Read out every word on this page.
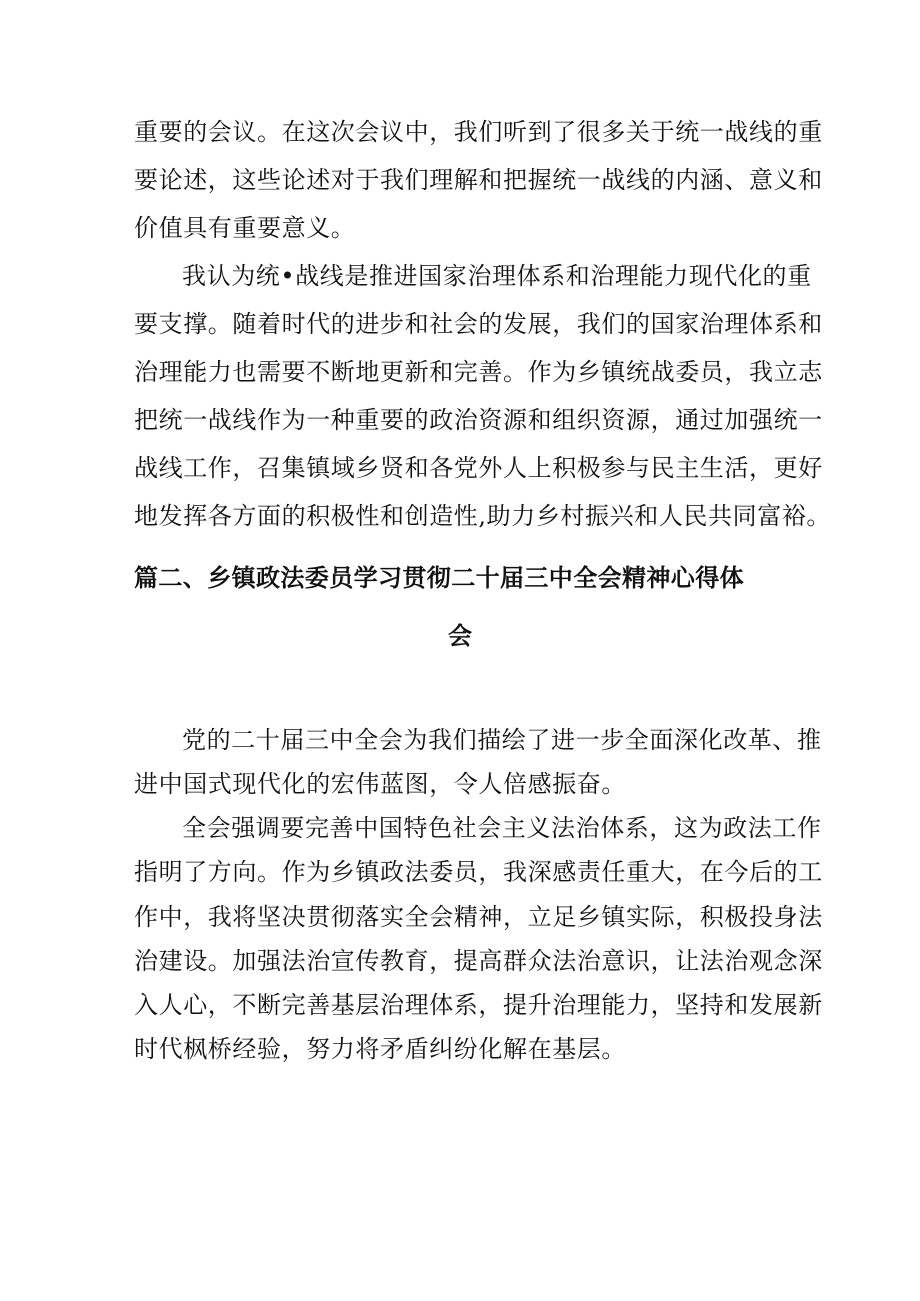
重要的会议。在这次会议中，我们听到了很多关于统一战线的重
要论述，这些论述对于我们理解和把握统一战线的内涵、意义和
价值具有重要意义。
我认为统•战线是推进国家治理体系和治理能力现代化的重
要支撑。随着时代的进步和社会的发展，我们的国家治理体系和
治理能力也需要不断地更新和完善。作为乡镇统战委员，我立志
把统一战线作为一种重要的政治资源和组织资源，通过加强统一
战线工作，召集镇域乡贤和各党外人上积极参与民主生活，更好
地发挥各方面的积极性和创造性,助力乡村振兴和人民共同富裕。
篇二、乡镇政法委员学习贯彻二十届三中全会精神心得体
会
党的二十届三中全会为我们描绘了进一步全面深化改革、推
进中国式现代化的宏伟蓝图，令人倍感振奋。
全会强调要完善中国特色社会主义法治体系，这为政法工作
指明了方向。作为乡镇政法委员，我深感责任重大，在今后的工
作中，我将坚决贯彻落实全会精神，立足乡镇实际，积极投身法
治建设。加强法治宣传教育，提高群众法治意识，让法治观念深
入人心，不断完善基层治理体系，提升治理能力，坚持和发展新
时代枫桥经验，努力将矛盾纠纷化解在基层。
